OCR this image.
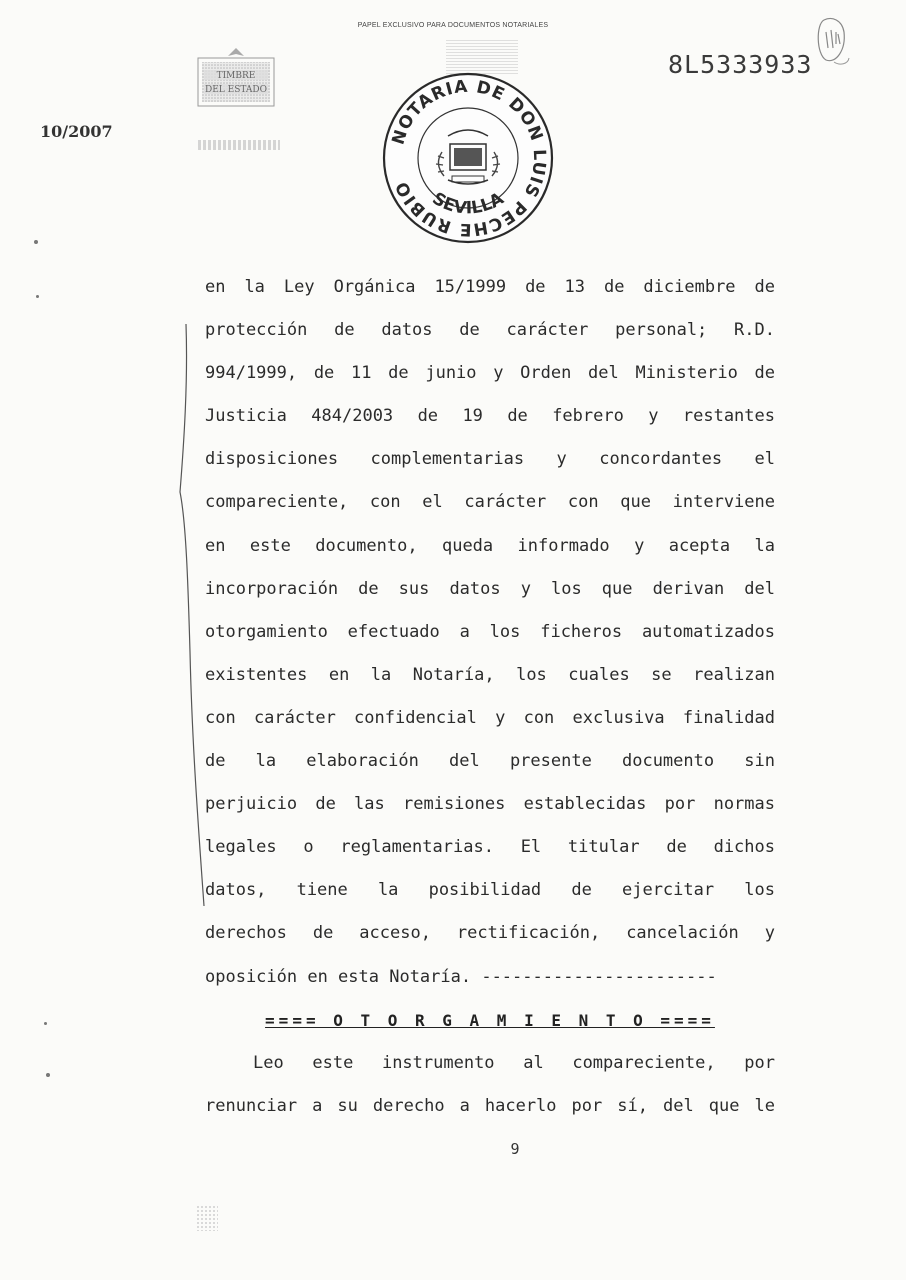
PAPEL EXCLUSIVO PARA DOCUMENTOS NOTARIALES
8L5333933
10/2007
TIMBRE
DEL ESTADO
NOTARIA DE DON LUIS PECHE RUBIO SEVILLA

en la Ley Orgánica 15/1999 de 13 de diciembre de
protección de datos de carácter personal; R.D.
994/1999, de 11 de junio y Orden del Ministerio de
Justicia 484/2003 de 19 de febrero y restantes
disposiciones complementarias y concordantes el
compareciente, con el carácter con que interviene
en este documento, queda informado y acepta la
incorporación de sus datos y los que derivan del
otorgamiento efectuado a los ficheros automatizados
existentes en la Notaría, los cuales se realizan
con carácter confidencial y con exclusiva finalidad
de la elaboración del presente documento sin
perjuicio de las remisiones establecidas por normas
legales o reglamentarias. El titular de dichos
datos, tiene la posibilidad de ejercitar los
derechos de acceso, rectificación, cancelación y
oposición en esta Notaría. -----------------------

==== O T O R G A M I E N T O ====

Leo este instrumento al compareciente, por
renunciar a su derecho a hacerlo por sí, del que le

9
